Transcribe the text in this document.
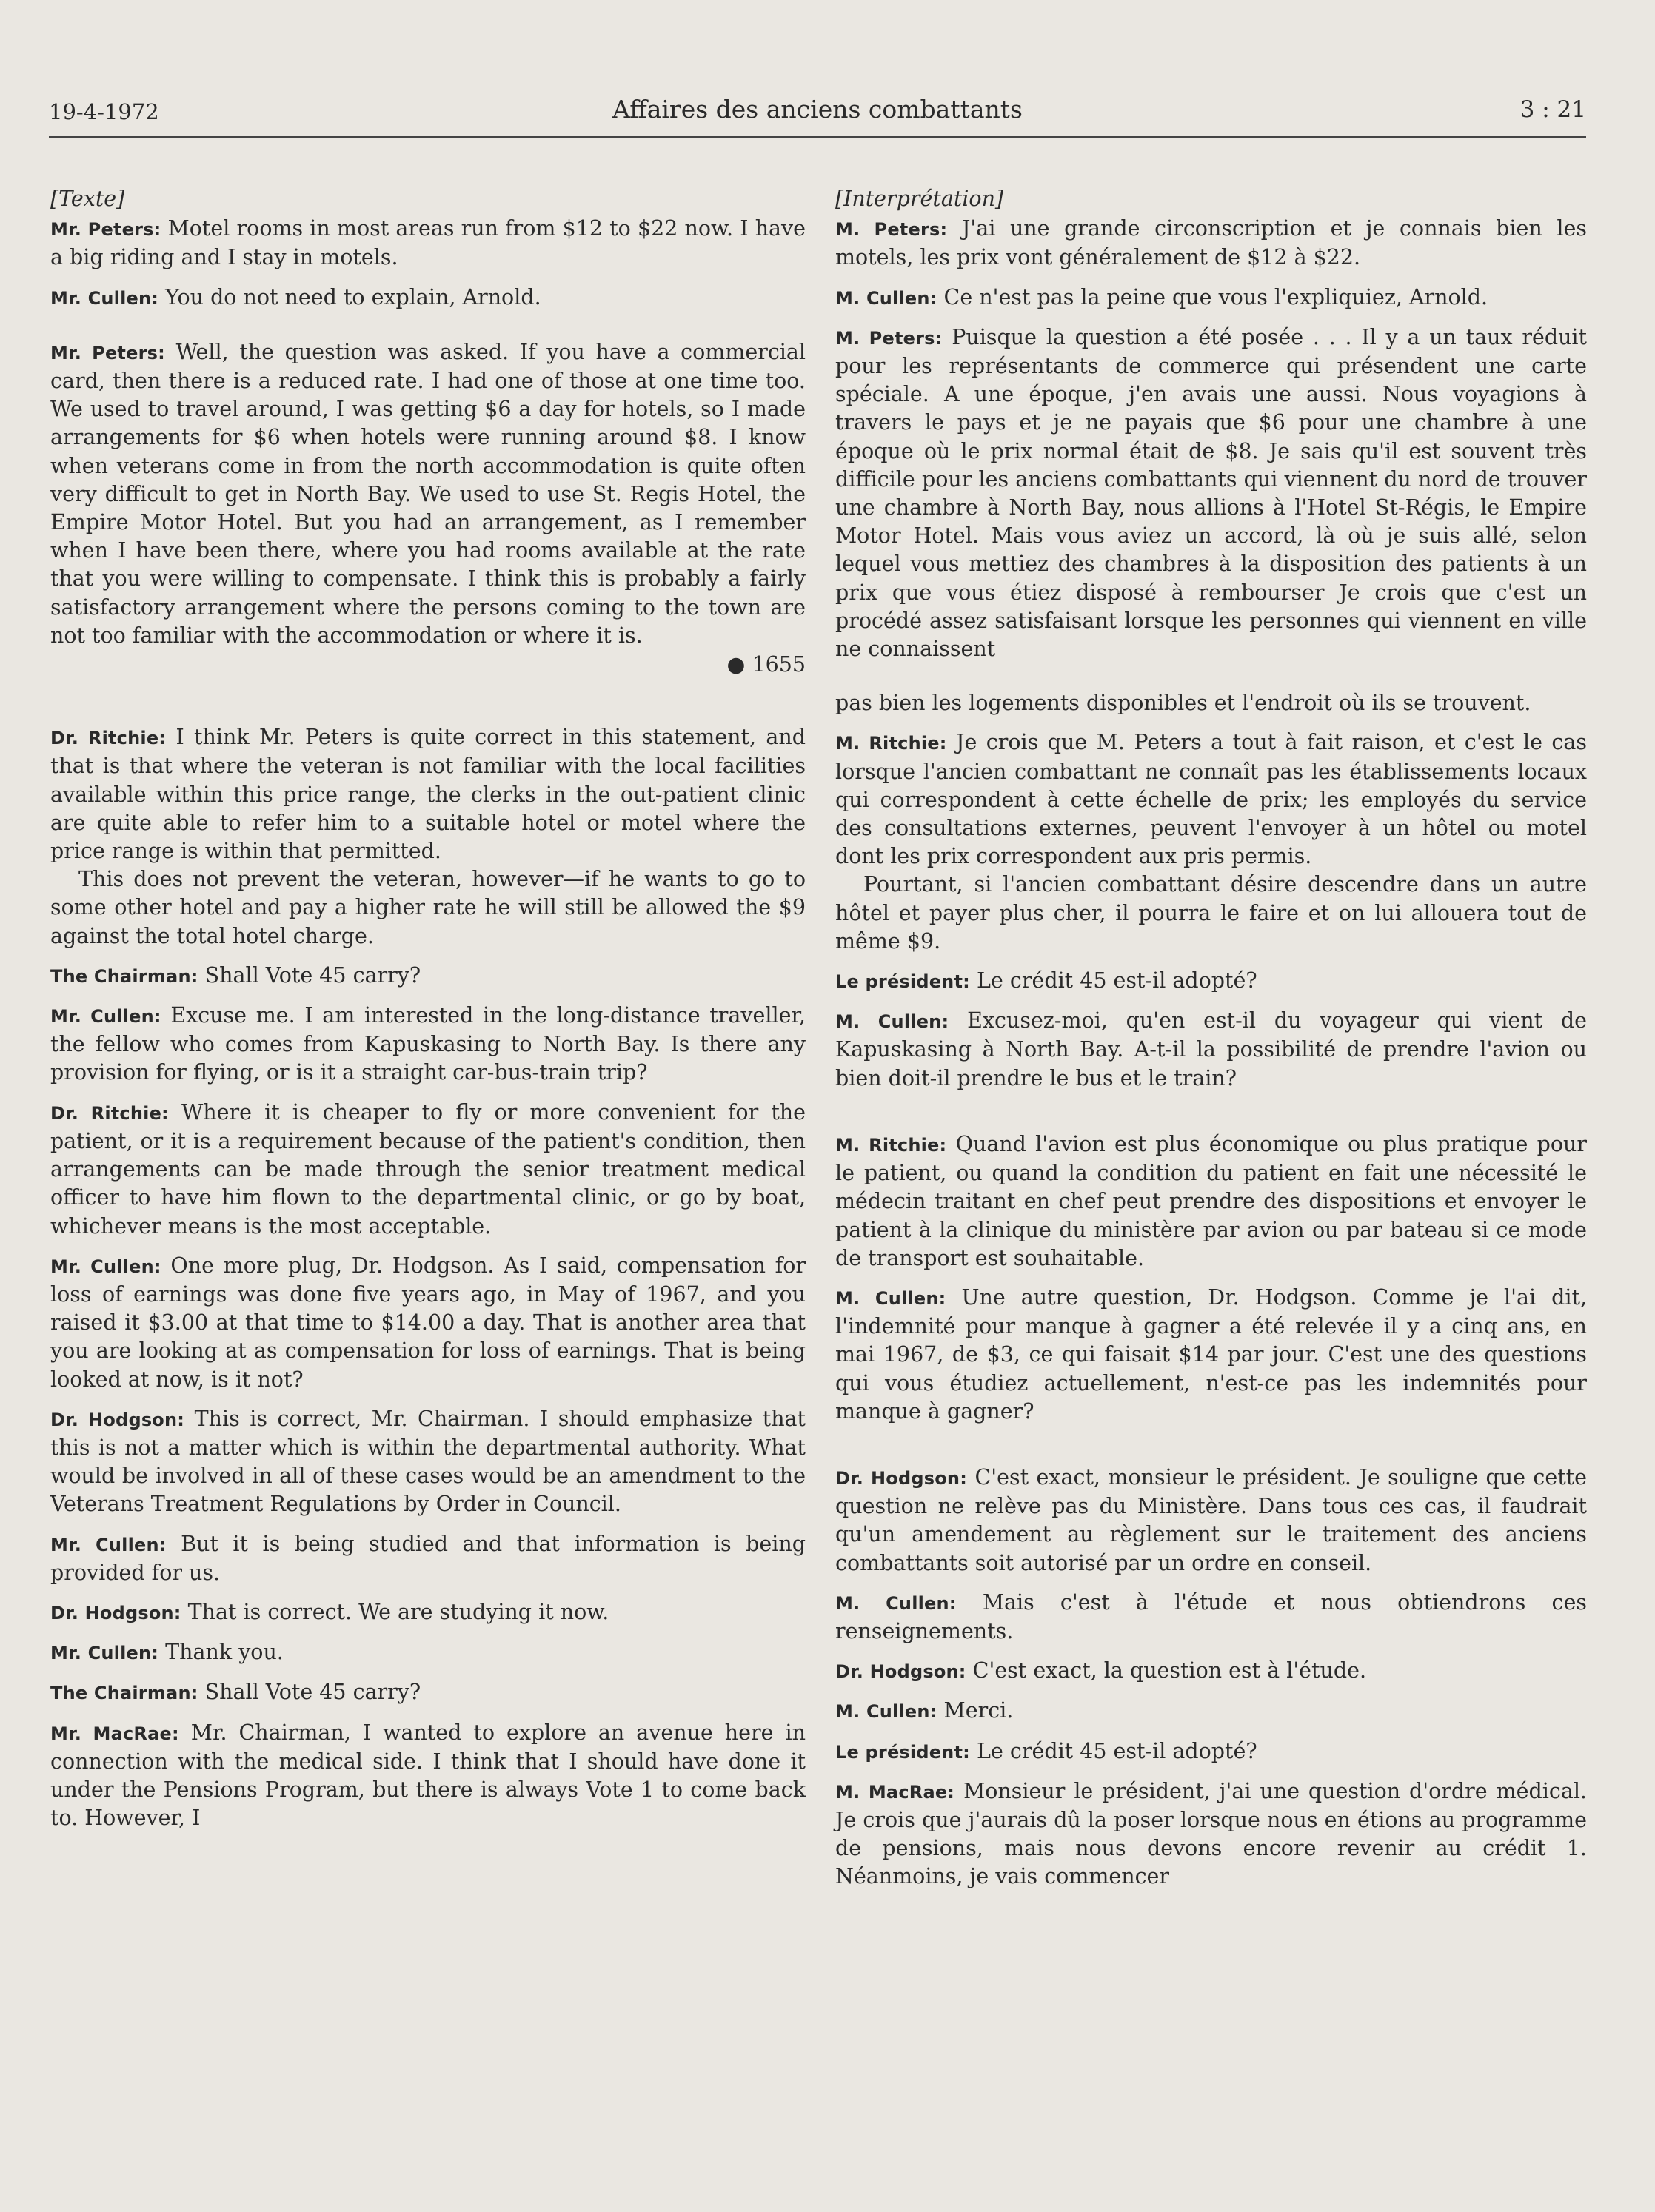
19-4-1972	Affaires des anciens combattants	3 : 21

[Texte]

Mr. Peters: Motel rooms in most areas run from $12 to $22 now. I have a big riding and I stay in motels.

Mr. Cullen: You do not need to explain, Arnold.

Mr. Peters: Well, the question was asked. If you have a commercial card, then there is a reduced rate. I had one of those at one time too. We used to travel around, I was getting $6 a day for hotels, so I made arrangements for $6 when hotels were running around $8. I know when veterans come in from the north accommodation is quite often very difficult to get in North Bay. We used to use St. Regis Hotel, the Empire Motor Hotel. But you had an arrangement, as I remember when I have been there, where you had rooms available at the rate that you were willing to compensate. I think this is probably a fairly satisfactory arrangement where the persons coming to the town are not too familiar with the accommodation or where it is.

● 1655

Dr. Ritchie: I think Mr. Peters is quite correct in this statement, and that is that where the veteran is not familiar with the local facilities available within this price range, the clerks in the out-patient clinic are quite able to refer him to a suitable hotel or motel where the price range is within that permitted.

This does not prevent the veteran, however—if he wants to go to some other hotel and pay a higher rate he will still be allowed the $9 against the total hotel charge.

The Chairman: Shall Vote 45 carry?

Mr. Cullen: Excuse me. I am interested in the long-distance traveller, the fellow who comes from Kapuskasing to North Bay. Is there any provision for flying, or is it a straight car-bus-train trip?

Dr. Ritchie: Where it is cheaper to fly or more convenient for the patient, or it is a requirement because of the patient's condition, then arrangements can be made through the senior treatment medical officer to have him flown to the departmental clinic, or go by boat, whichever means is the most acceptable.

Mr. Cullen: One more plug, Dr. Hodgson. As I said, compensation for loss of earnings was done five years ago, in May of 1967, and you raised it $3.00 at that time to $14.00 a day. That is another area that you are looking at as compensation for loss of earnings. That is being looked at now, is it not?

Dr. Hodgson: This is correct, Mr. Chairman. I should emphasize that this is not a matter which is within the departmental authority. What would be involved in all of these cases would be an amendment to the Veterans Treatment Regulations by Order in Council.

Mr. Cullen: But it is being studied and that information is being provided for us.

Dr. Hodgson: That is correct. We are studying it now.

Mr. Cullen: Thank you.

The Chairman: Shall Vote 45 carry?

Mr. MacRae: Mr. Chairman, I wanted to explore an avenue here in connection with the medical side. I think that I should have done it under the Pensions Program, but there is always Vote 1 to come back to. However, I

[Interprétation]

M. Peters: J'ai une grande circonscription et je connais bien les motels, les prix vont généralement de $12 à $22.

M. Cullen: Ce n'est pas la peine que vous l'expliquiez, Arnold.

M. Peters: Puisque la question a été posée . . . Il y a un taux réduit pour les représentants de commerce qui présendent une carte spéciale. A une époque, j'en avais une aussi. Nous voyagions à travers le pays et je ne payais que $6 pour une chambre à une époque où le prix normal était de $8. Je sais qu'il est souvent très difficile pour les anciens combattants qui viennent du nord de trouver une chambre à North Bay, nous allions à l'Hotel St-Régis, le Empire Motor Hotel. Mais vous aviez un accord, là où je suis allé, selon lequel vous mettiez des chambres à la disposition des patients à un prix que vous étiez disposé à rembourser Je crois que c'est un procédé assez satisfaisant lorsque les personnes qui viennent en ville ne connaissent

pas bien les logements disponibles et l'endroit où ils se trouvent.

M. Ritchie: Je crois que M. Peters a tout à fait raison, et c'est le cas lorsque l'ancien combattant ne connaît pas les établissements locaux qui correspondent à cette échelle de prix; les employés du service des consultations externes, peuvent l'envoyer à un hôtel ou motel dont les prix correspondent aux pris permis.

Pourtant, si l'ancien combattant désire descendre dans un autre hôtel et payer plus cher, il pourra le faire et on lui allouera tout de même $9.

Le président: Le crédit 45 est-il adopté?

M. Cullen: Excusez-moi, qu'en est-il du voyageur qui vient de Kapuskasing à North Bay. A-t-il la possibilité de prendre l'avion ou bien doit-il prendre le bus et le train?

M. Ritchie: Quand l'avion est plus économique ou plus pratique pour le patient, ou quand la condition du patient en fait une nécessité le médecin traitant en chef peut prendre des dispositions et envoyer le patient à la clinique du ministère par avion ou par bateau si ce mode de transport est souhaitable.

M. Cullen: Une autre question, Dr. Hodgson. Comme je l'ai dit, l'indemnité pour manque à gagner a été relevée il y a cinq ans, en mai 1967, de $3, ce qui faisait $14 par jour. C'est une des questions qui vous étudiez actuellement, n'est-ce pas les indemnités pour manque à gagner?

Dr. Hodgson: C'est exact, monsieur le président. Je souligne que cette question ne relève pas du Ministère. Dans tous ces cas, il faudrait qu'un amendement au règlement sur le traitement des anciens combattants soit autorisé par un ordre en conseil.

M. Cullen: Mais c'est à l'étude et nous obtiendrons ces renseignements.

Dr. Hodgson: C'est exact, la question est à l'étude.

M. Cullen: Merci.

Le président: Le crédit 45 est-il adopté?

M. MacRae: Monsieur le président, j'ai une question d'ordre médical. Je crois que j'aurais dû la poser lorsque nous en étions au programme de pensions, mais nous devons encore revenir au crédit 1. Néanmoins, je vais commencer
